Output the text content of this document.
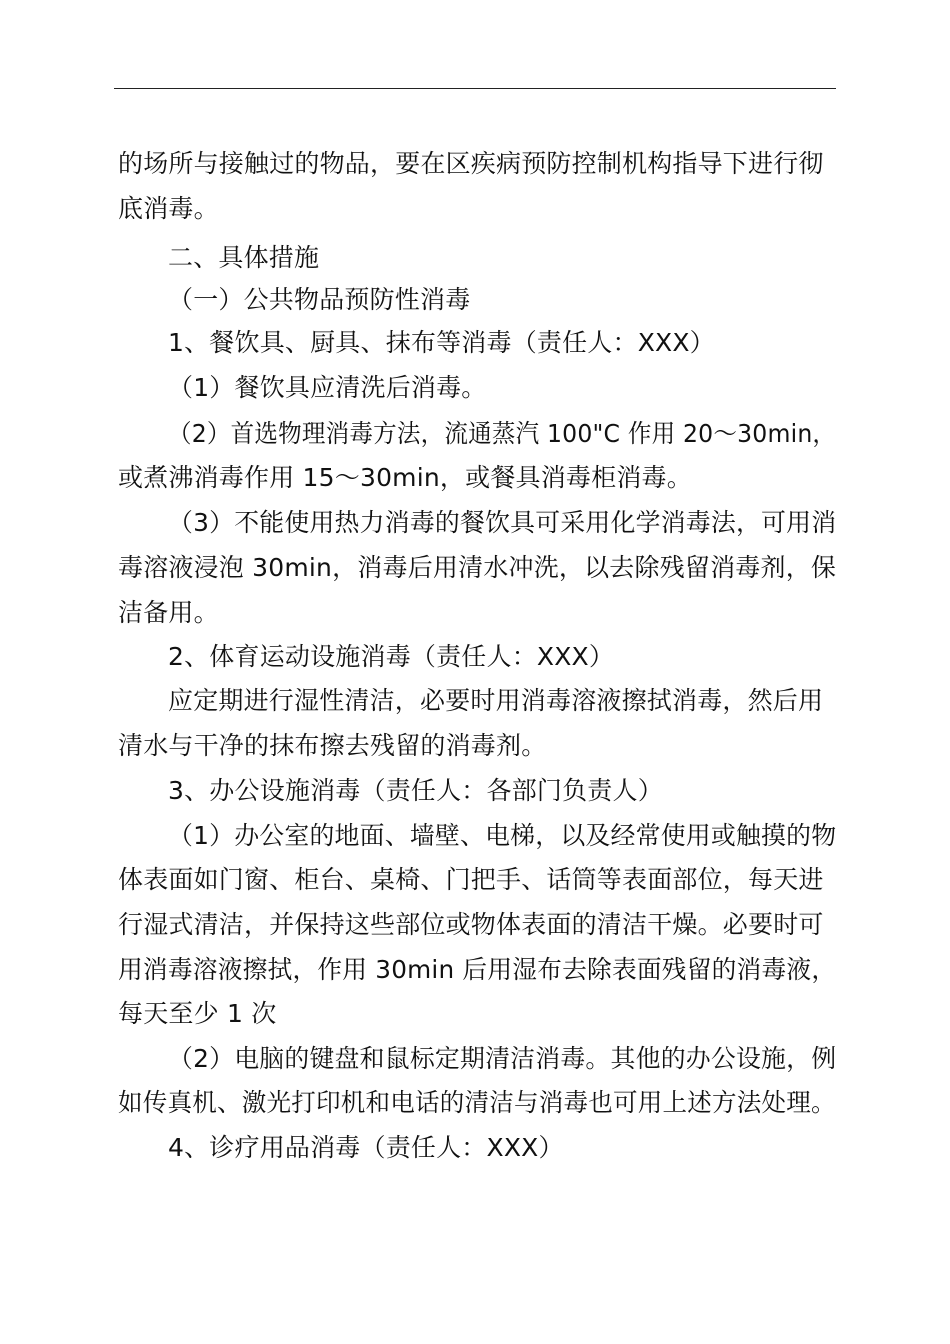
的场所与接触过的物品，要在区疾病预防控制机构指导下进行彻
底消毒。
二、具体措施
（一）公共物品预防性消毒
1、餐饮具、厨具、抹布等消毒（责任人：XXX）
（1）餐饮具应清洗后消毒。
（2）首选物理消毒方法，流通蒸汽 100"C 作用 20～30min，
或煮沸消毒作用 15～30min，或餐具消毒柜消毒。
（3）不能使用热力消毒的餐饮具可采用化学消毒法，可用消
毒溶液浸泡 30min，消毒后用清水冲洗，以去除残留消毒剂，保
洁备用。
2、体育运动设施消毒（责任人：XXX）
应定期进行湿性清洁，必要时用消毒溶液擦拭消毒，然后用
清水与干净的抹布擦去残留的消毒剂。
3、办公设施消毒（责任人：各部门负责人）
（1）办公室的地面、墙壁、电梯，以及经常使用或触摸的物
体表面如门窗、柜台、桌椅、门把手、话筒等表面部位，每天进
行湿式清洁，并保持这些部位或物体表面的清洁干燥。必要时可
用消毒溶液擦拭，作用 30min 后用湿布去除表面残留的消毒液，
每天至少 1 次
（2）电脑的键盘和鼠标定期清洁消毒。其他的办公设施，例
如传真机、激光打印机和电话的清洁与消毒也可用上述方法处理。
4、诊疗用品消毒（责任人：XXX）
